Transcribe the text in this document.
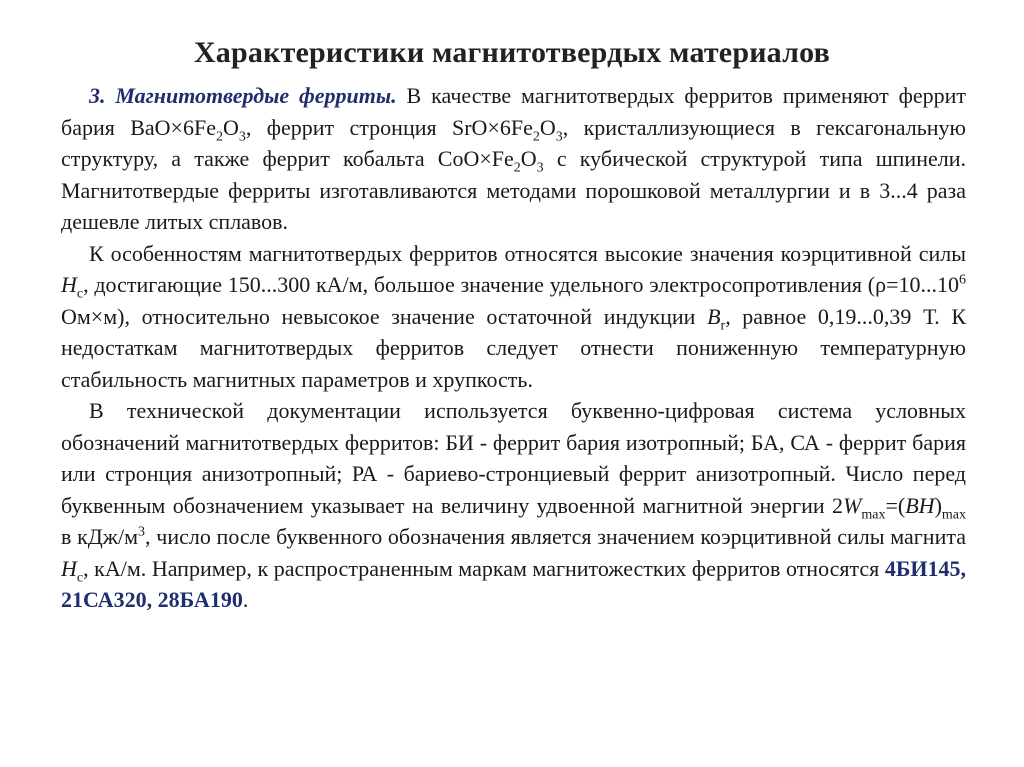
Характеристики магнитотвердых материалов

3. Магнитотвердые ферриты. В качестве магнитотвердых ферритов применяют феррит бария $BaO\times 6Fe_2O_3$, феррит стронция $SrO\times 6Fe_2O_3$, кристаллизующиеся в гексагональную структуру, а также феррит кобальта $CoO\times Fe_2O_3$ с кубической структурой типа шпинели. Магнитотвердые ферриты изготавливаются методами порошковой металлургии и в 3...4 раза дешевле литых сплавов.

К особенностям магнитотвердых ферритов относятся высокие значения коэрцитивной силы $H_c$, достигающие 150...300 кА/м, большое значение удельного электросопротивления ($\rho=10...10^6$ Ом×м), относительно невысокое значение остаточной индукции $B_r$, равное 0,19...0,39 Т. К недостаткам магнитотвердых ферритов следует отнести пониженную температурную стабильность магнитных параметров и хрупкость.

В технической документации используется буквенно-цифровая система условных обозначений магнитотвердых ферритов: БИ - феррит бария изотропный; БА, СА - феррит бария или стронция анизотропный; РА - бариево-стронциевый феррит анизотропный. Число перед буквенным обозначением указывает на величину удвоенной магнитной энергии $2W_{max}=(BH)_{max}$ в кДж/$м^3$, число после буквенного обозначения является значением коэрцитивной силы магнита $H_c$, кА/м. Например, к распространенным маркам магнитожестких ферритов относятся 4БИ145, 21СА320, 28БА190.
